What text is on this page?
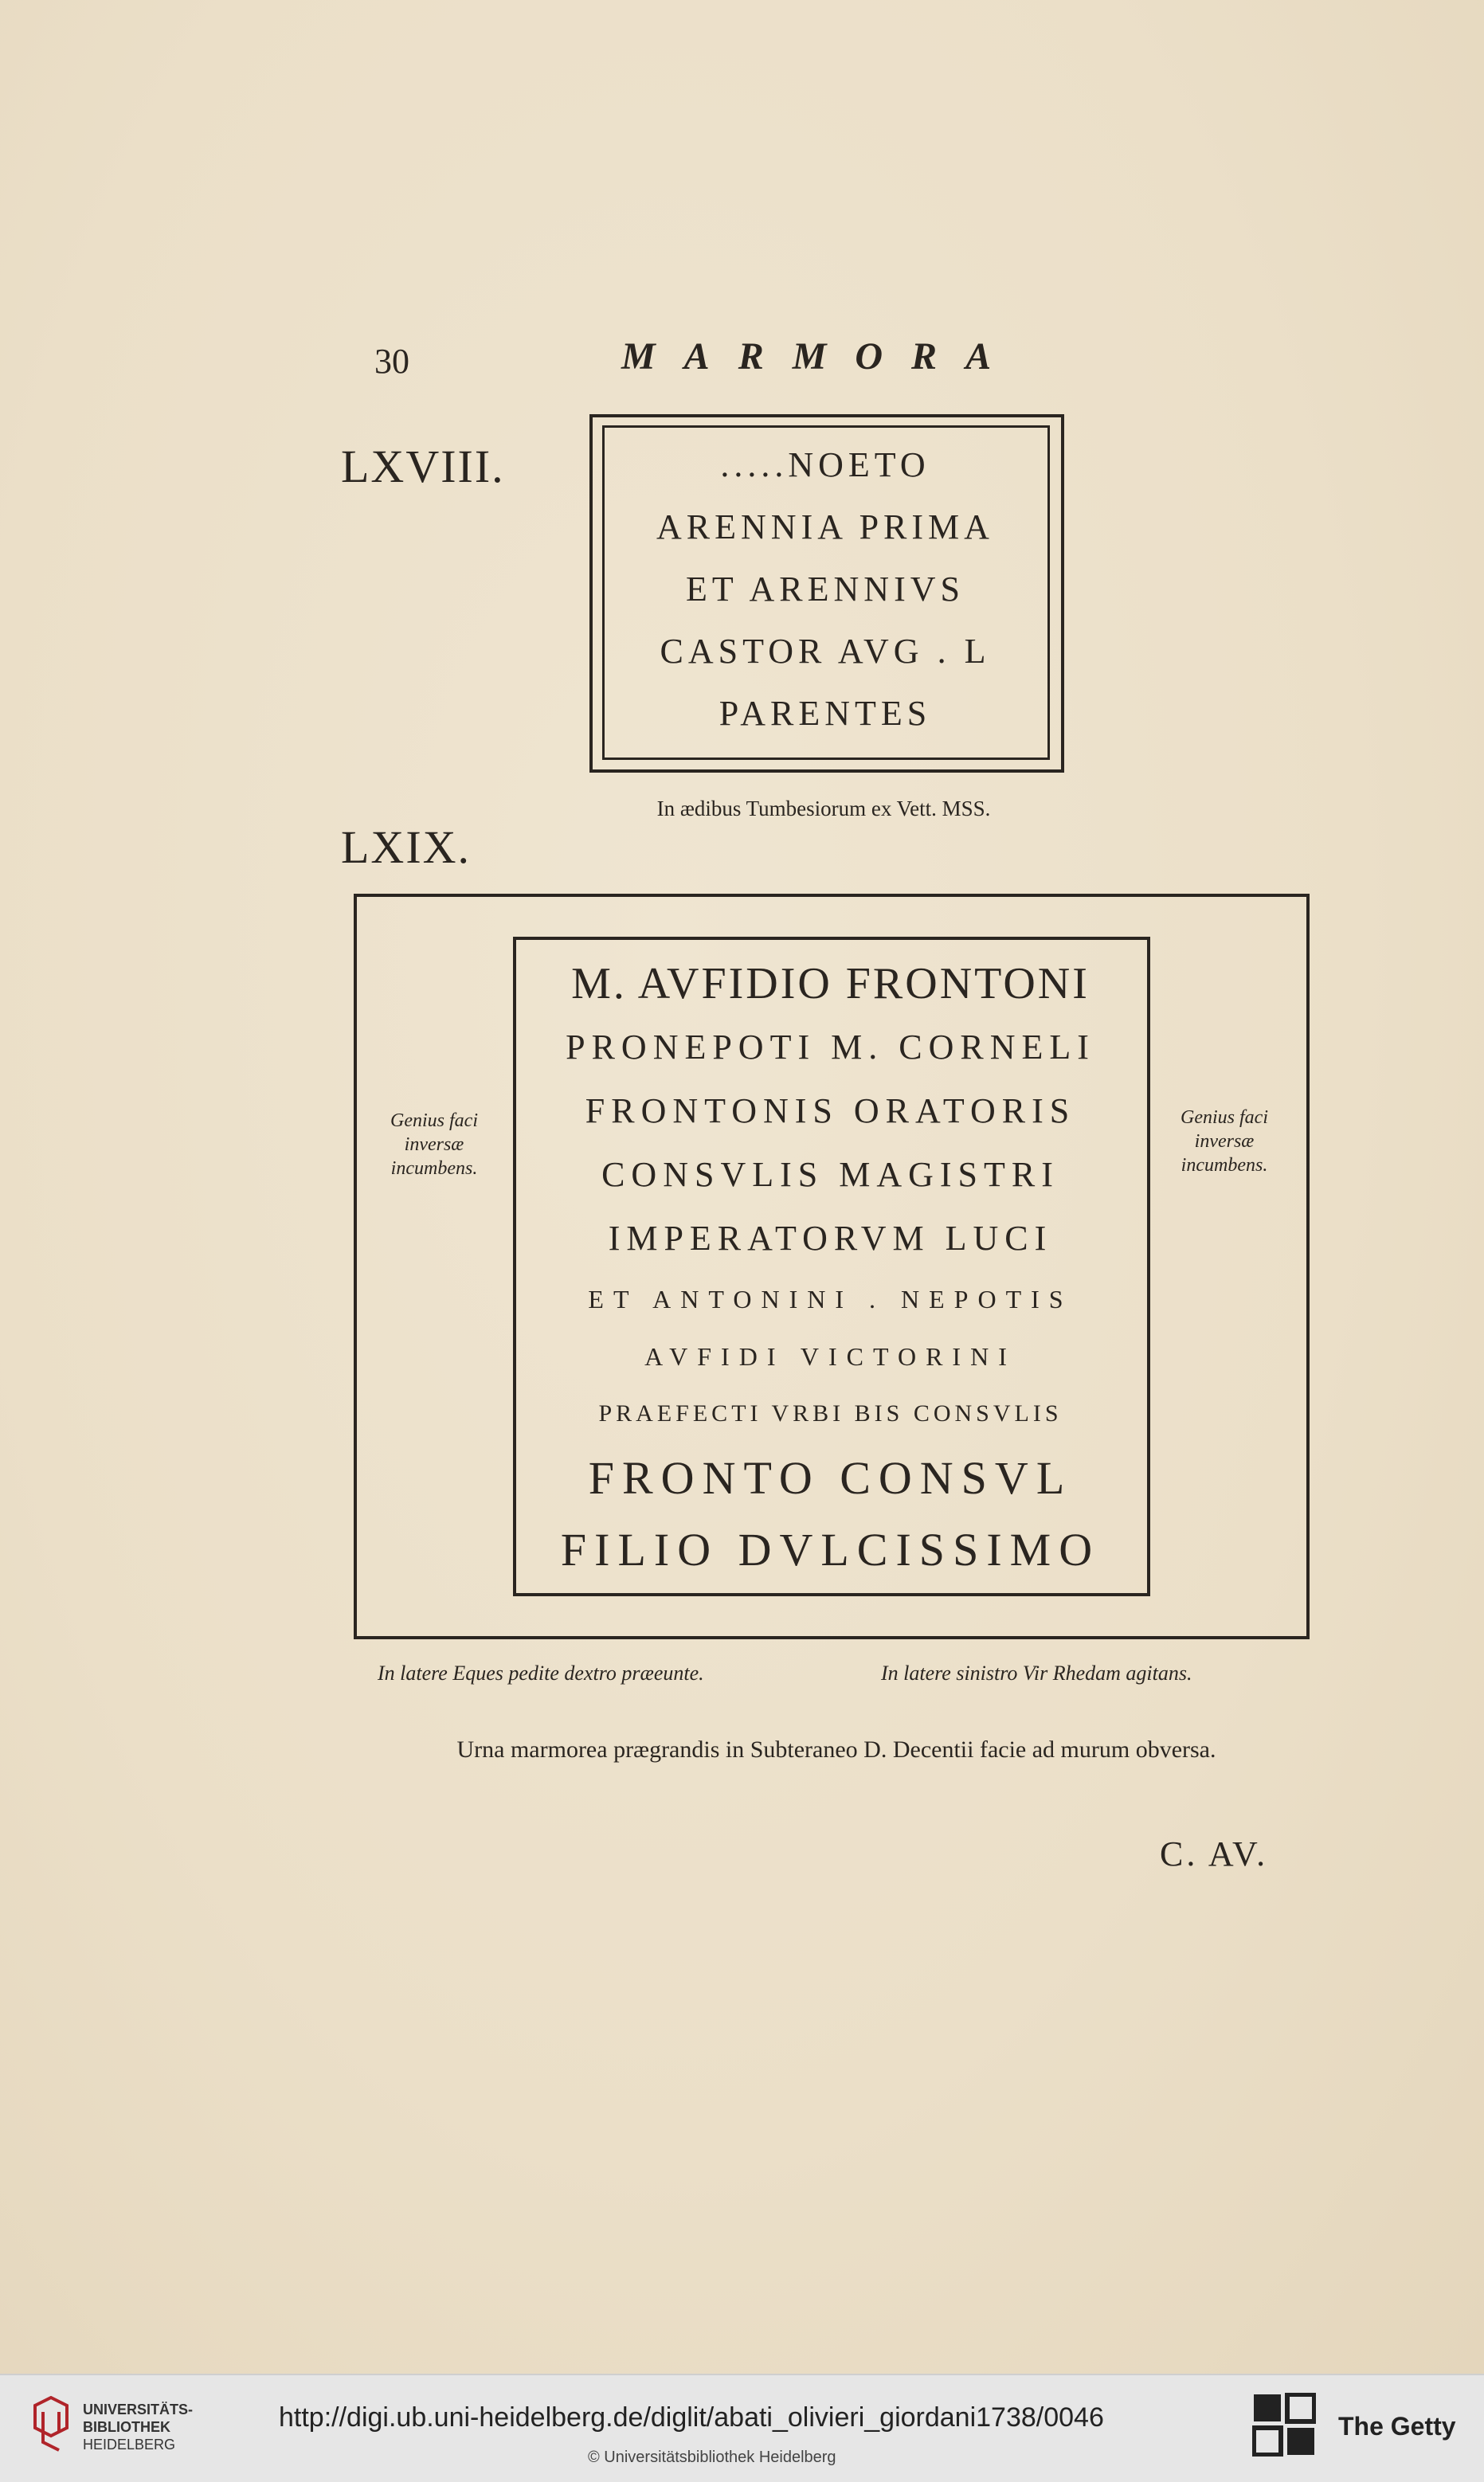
30	MARMORA
LXVIII.	.....NOETO
ARENNIA PRIMA
ET ARENNIVS
CASTOR AVG . L
PARENTES
In ædibus Tumbesiorum ex Vett. MSS.
LXIX.
M. AVFIDIO FRONTONI
PRONEPOTI M. CORNELI
FRONTONIS ORATORIS
CONSVLIS MAGISTRI
IMPERATORVM LUCI
ET ANTONINI . NEPOTIS
AVFIDI VICTORINI
PRAEFECTI VRBI BIS CONSVLIS
FRONTO CONSVL
FILIO DVLCISSIMO
Genius faci
inversæ
incumbens.
Genius faci
inversæ
incumbens.
In latere Eques pedite dextro præeunte.	In latere sinistro Vir Rhedam agitans.
Urna marmorea prægrandis in Subteraneo D. Decentii facie ad murum obversa.
C. AV.
UNIVERSITÄTS-
BIBLIOTHEK
HEIDELBERG
http://digi.ub.uni-heidelberg.de/diglit/abati_olivieri_giordani1738/0046
© Universitätsbibliothek Heidelberg
The Getty
